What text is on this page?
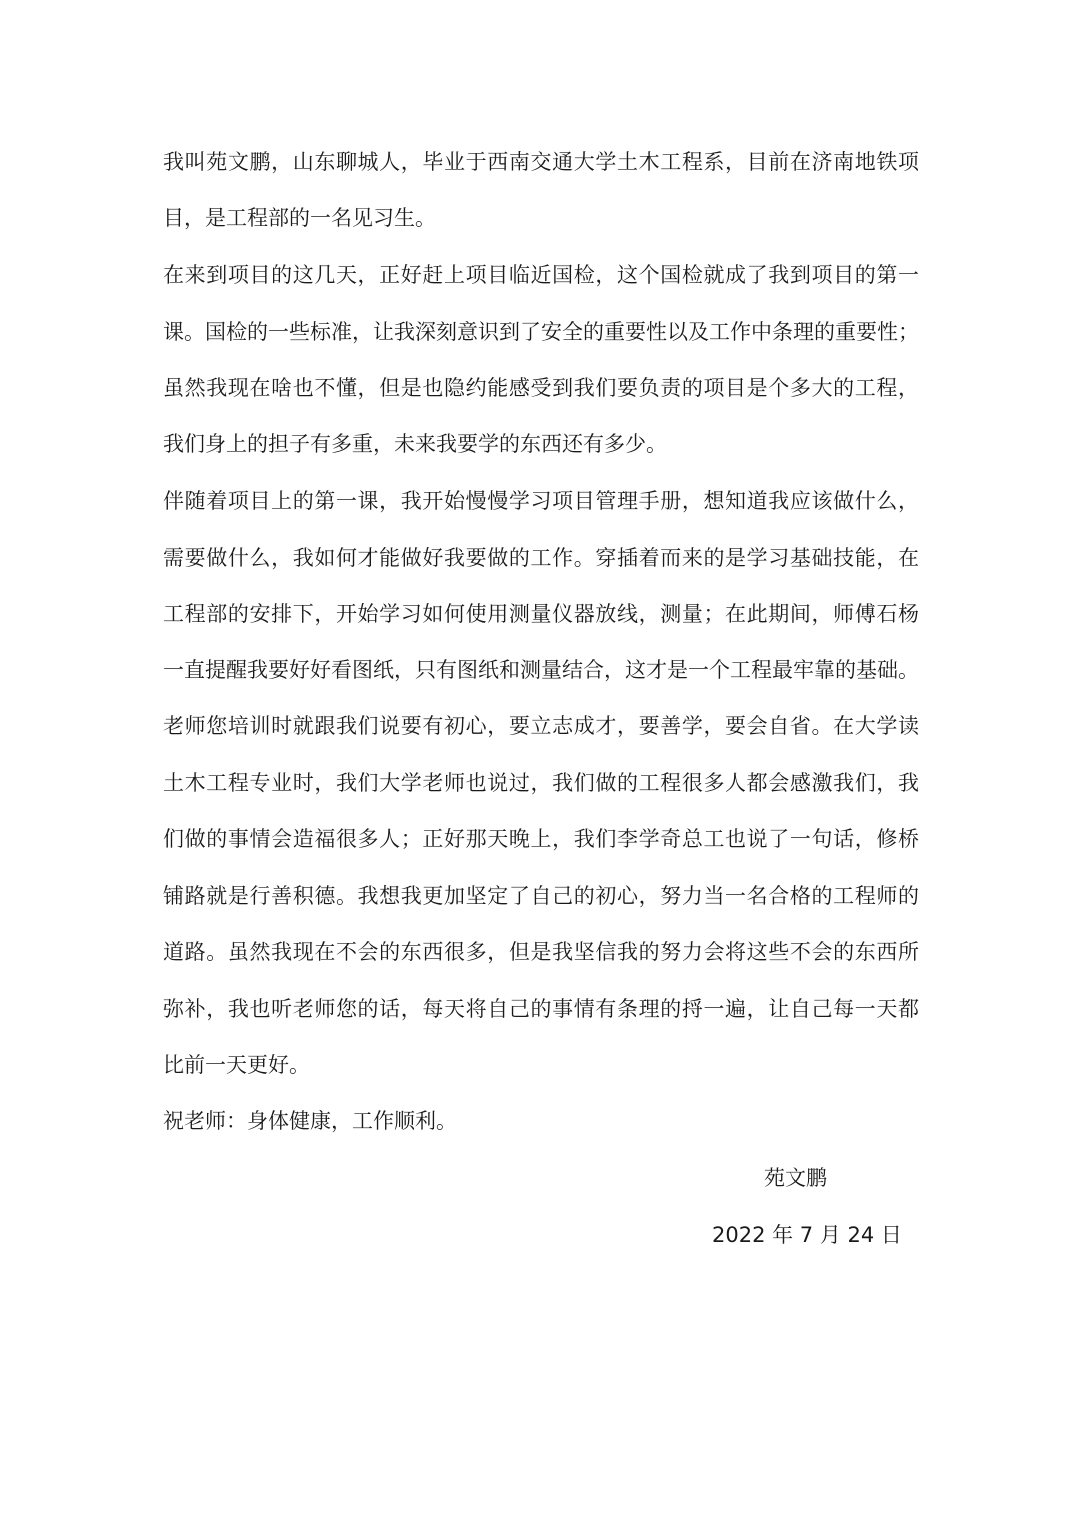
我叫苑文鹏，山东聊城人，毕业于西南交通大学土木工程系，目前在济南地铁项
目，是工程部的一名见习生。
在来到项目的这几天，正好赶上项目临近国检，这个国检就成了我到项目的第一
课。国检的一些标准，让我深刻意识到了安全的重要性以及工作中条理的重要性；
虽然我现在啥也不懂，但是也隐约能感受到我们要负责的项目是个多大的工程，
我们身上的担子有多重，未来我要学的东西还有多少。
伴随着项目上的第一课，我开始慢慢学习项目管理手册，想知道我应该做什么，
需要做什么，我如何才能做好我要做的工作。穿插着而来的是学习基础技能，在
工程部的安排下，开始学习如何使用测量仪器放线，测量；在此期间，师傅石杨
一直提醒我要好好看图纸，只有图纸和测量结合，这才是一个工程最牢靠的基础。
老师您培训时就跟我们说要有初心，要立志成才，要善学，要会自省。在大学读
土木工程专业时，我们大学老师也说过，我们做的工程很多人都会感激我们，我
们做的事情会造福很多人；正好那天晚上，我们李学奇总工也说了一句话，修桥
铺路就是行善积德。我想我更加坚定了自己的初心，努力当一名合格的工程师的
道路。虽然我现在不会的东西很多，但是我坚信我的努力会将这些不会的东西所
弥补，我也听老师您的话，每天将自己的事情有条理的捋一遍，让自己每一天都
比前一天更好。
祝老师：身体健康，工作顺利。
苑文鹏
2022 年 7 月 24 日
